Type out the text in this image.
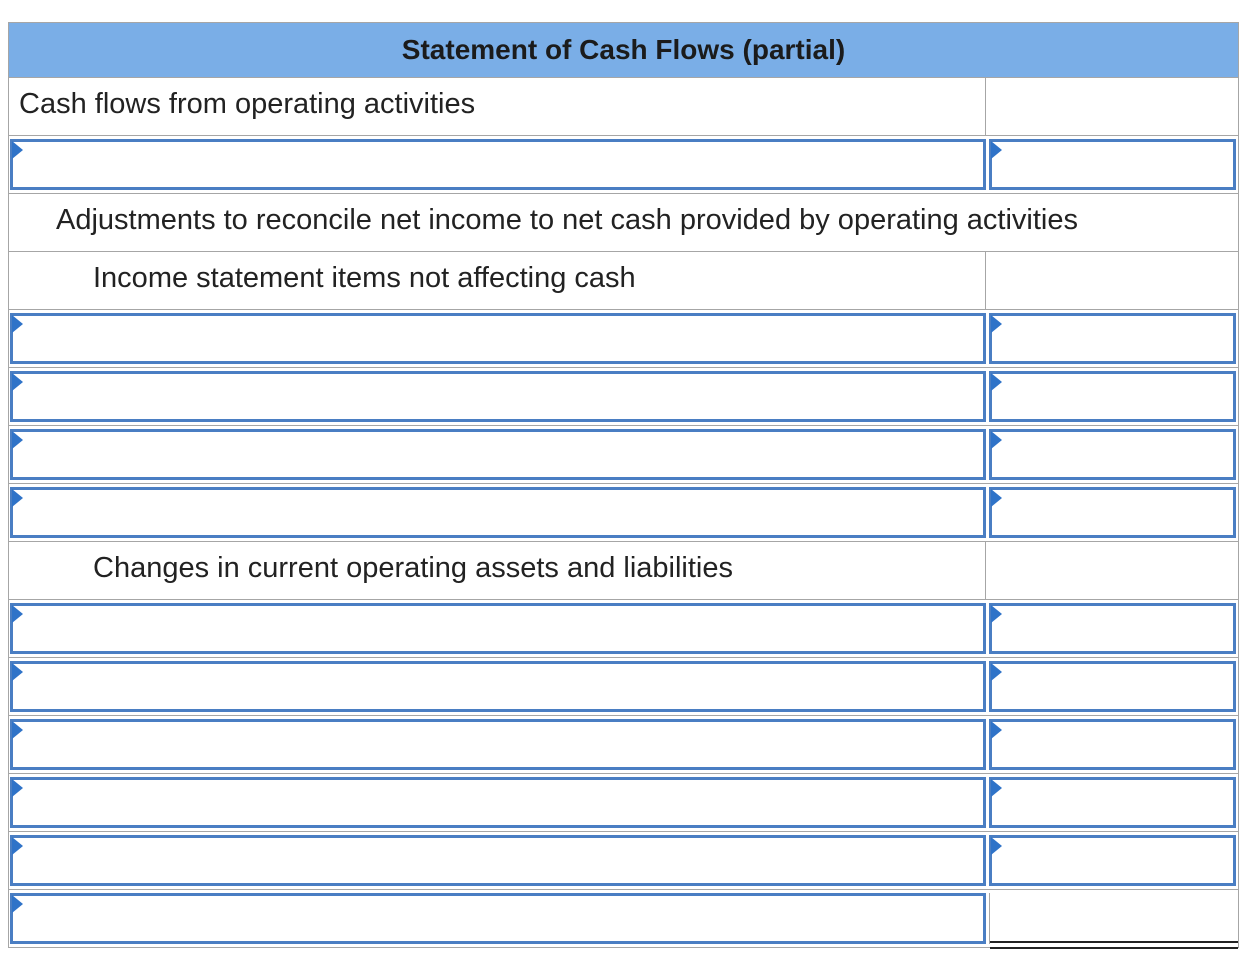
Statement of Cash Flows (partial)
Cash flows from operating activities
Adjustments to reconcile net income to net cash provided by operating activities
Income statement items not affecting cash
Changes in current operating assets and liabilities
